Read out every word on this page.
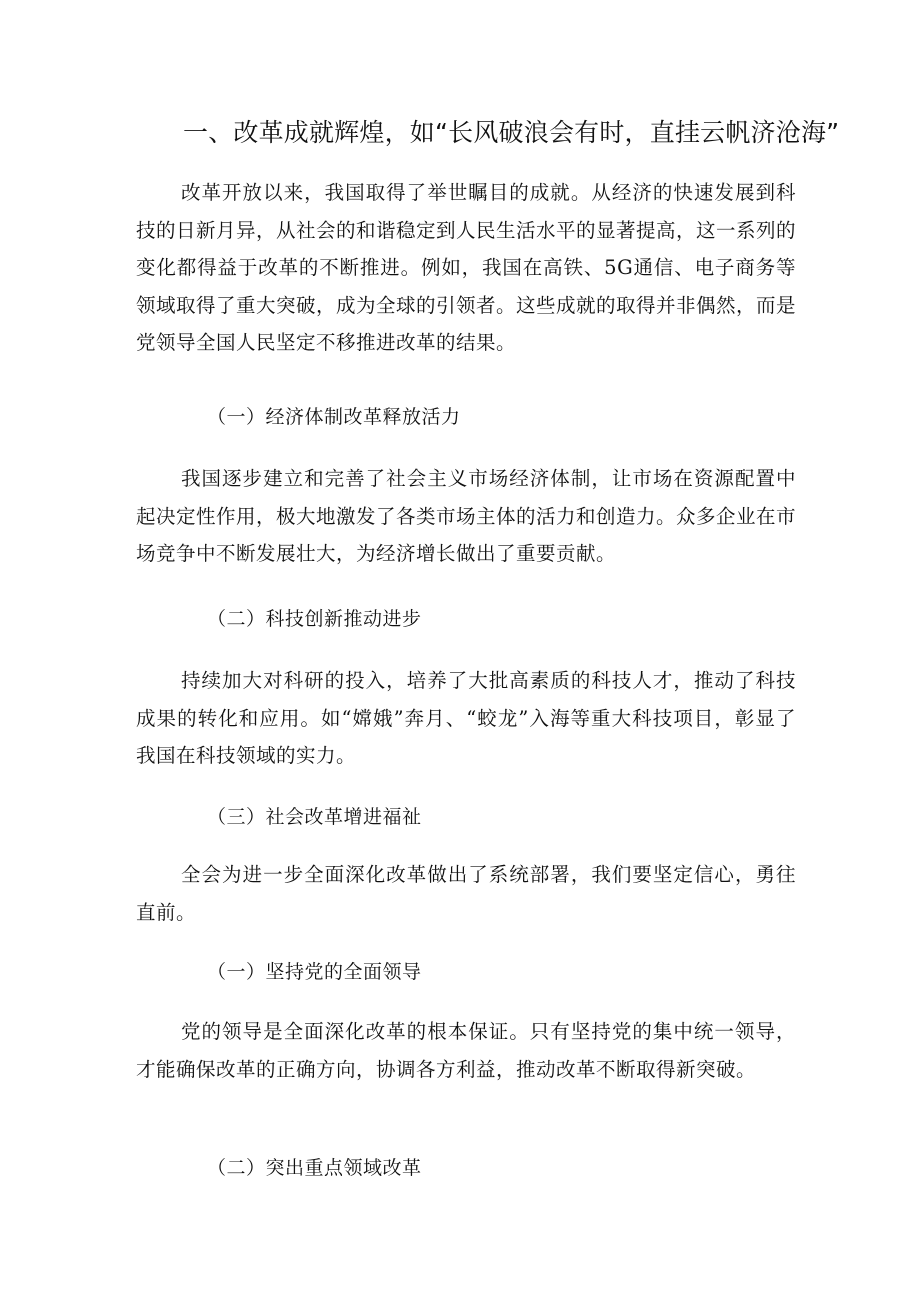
一、改革成就辉煌，如“长风破浪会有时，直挂云帆济沧海”
改革开放以来，我国取得了举世瞩目的成就。从经济的快速发展到科技的日新月异，从社会的和谐稳定到人民生活水平的显著提高，这一系列的变化都得益于改革的不断推进。例如，我国在高铁、5G通信、电子商务等领域取得了重大突破，成为全球的引领者。这些成就的取得并非偶然，而是党领导全国人民坚定不移推进改革的结果。
（一）经济体制改革释放活力
我国逐步建立和完善了社会主义市场经济体制，让市场在资源配置中起决定性作用，极大地激发了各类市场主体的活力和创造力。众多企业在市场竞争中不断发展壮大，为经济增长做出了重要贡献。
（二）科技创新推动进步
持续加大对科研的投入，培养了大批高素质的科技人才，推动了科技成果的转化和应用。如“嫦娥”奔月、“蛟龙”入海等重大科技项目，彰显了我国在科技领域的实力。
（三）社会改革增进福祉
全会为进一步全面深化改革做出了系统部署，我们要坚定信心，勇往直前。
（一）坚持党的全面领导
党的领导是全面深化改革的根本保证。只有坚持党的集中统一领导，才能确保改革的正确方向，协调各方利益，推动改革不断取得新突破。
（二）突出重点领域改革
